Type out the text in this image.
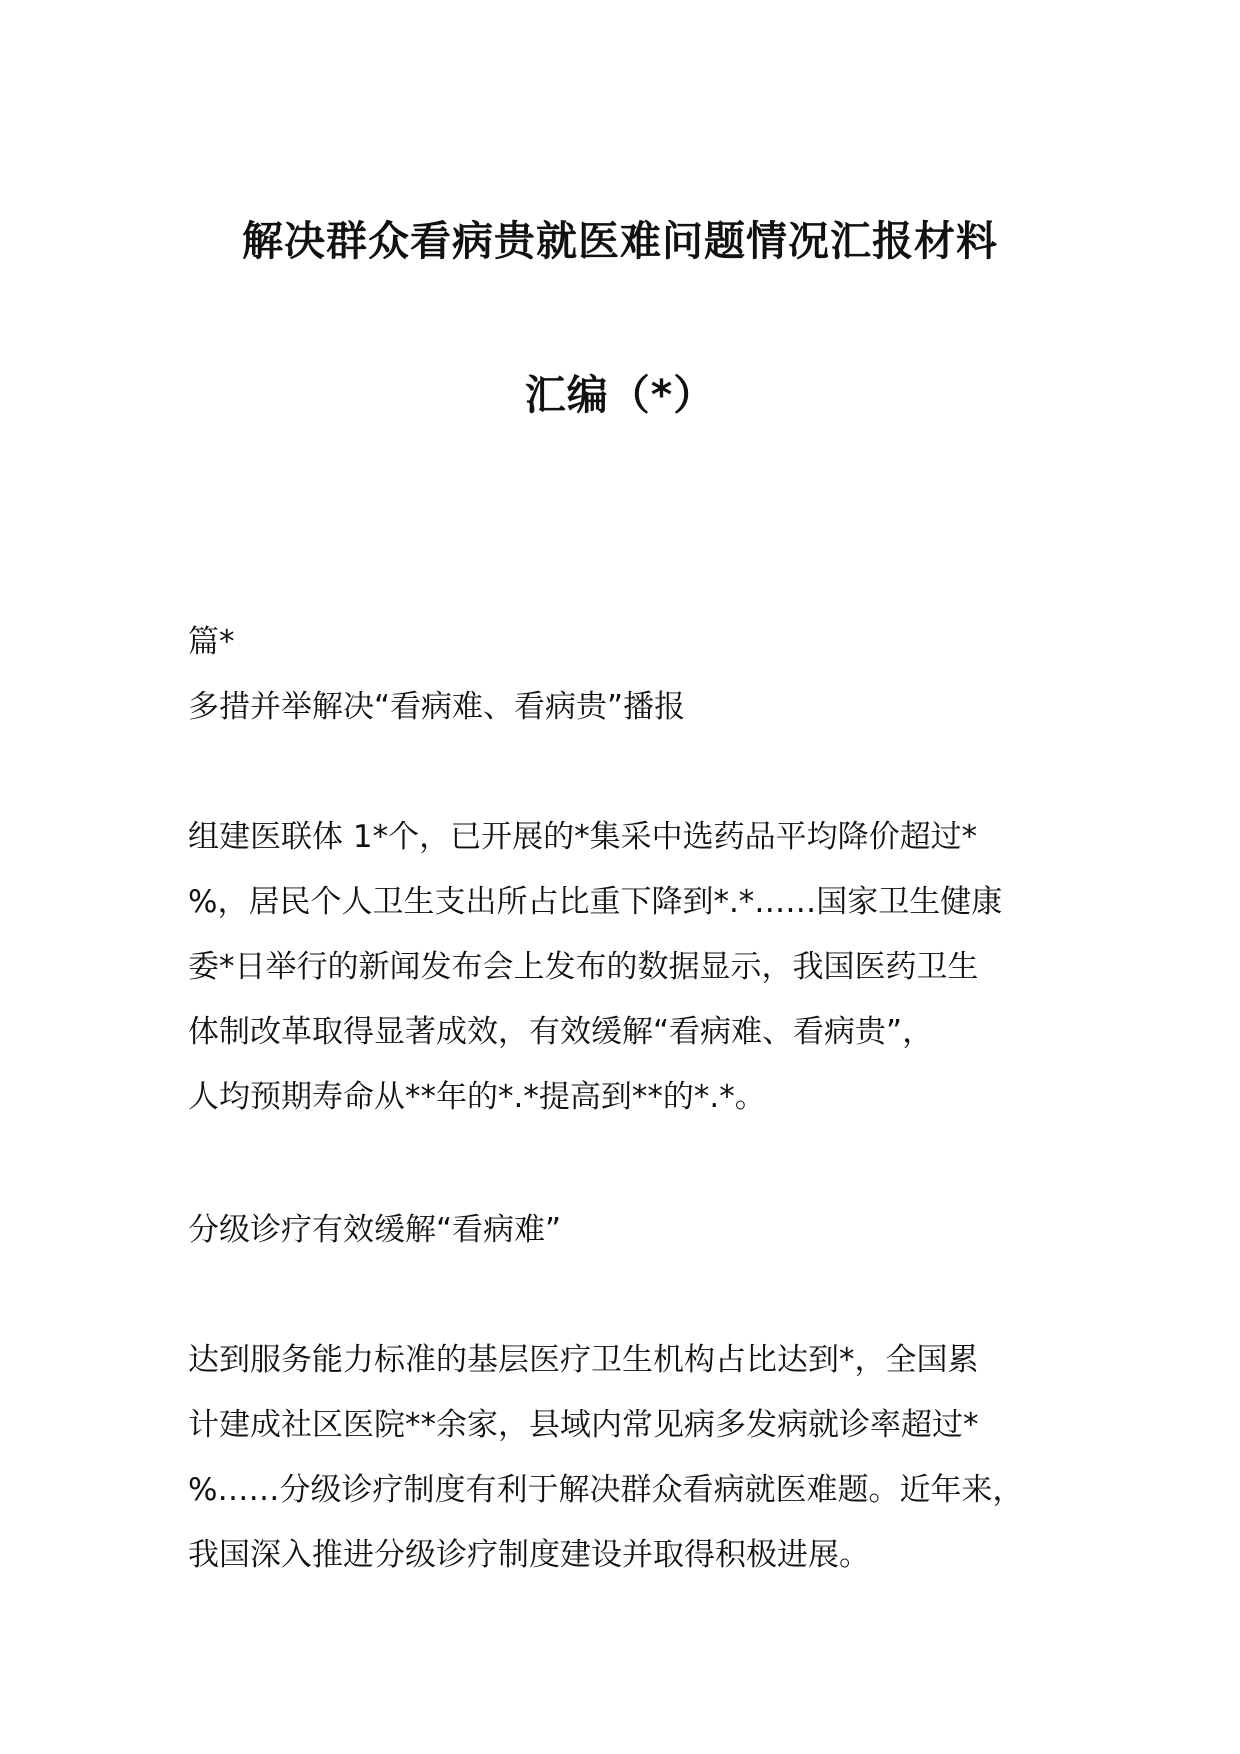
解决群众看病贵就医难问题情况汇报材料
汇编（*）
篇*
多措并举解决“看病难、看病贵”播报
组建医联体 1*个，已开展的*集采中选药品平均降价超过*
%，居民个人卫生支出所占比重下降到*.*……国家卫生健康
委*日举行的新闻发布会上发布的数据显示，我国医药卫生
体制改革取得显著成效，有效缓解“看病难、看病贵”，
人均预期寿命从**年的*.*提高到**的*.*。
分级诊疗有效缓解“看病难”
达到服务能力标准的基层医疗卫生机构占比达到*，全国累
计建成社区医院**余家，县域内常见病多发病就诊率超过*
%……分级诊疗制度有利于解决群众看病就医难题。近年来，
我国深入推进分级诊疗制度建设并取得积极进展。
